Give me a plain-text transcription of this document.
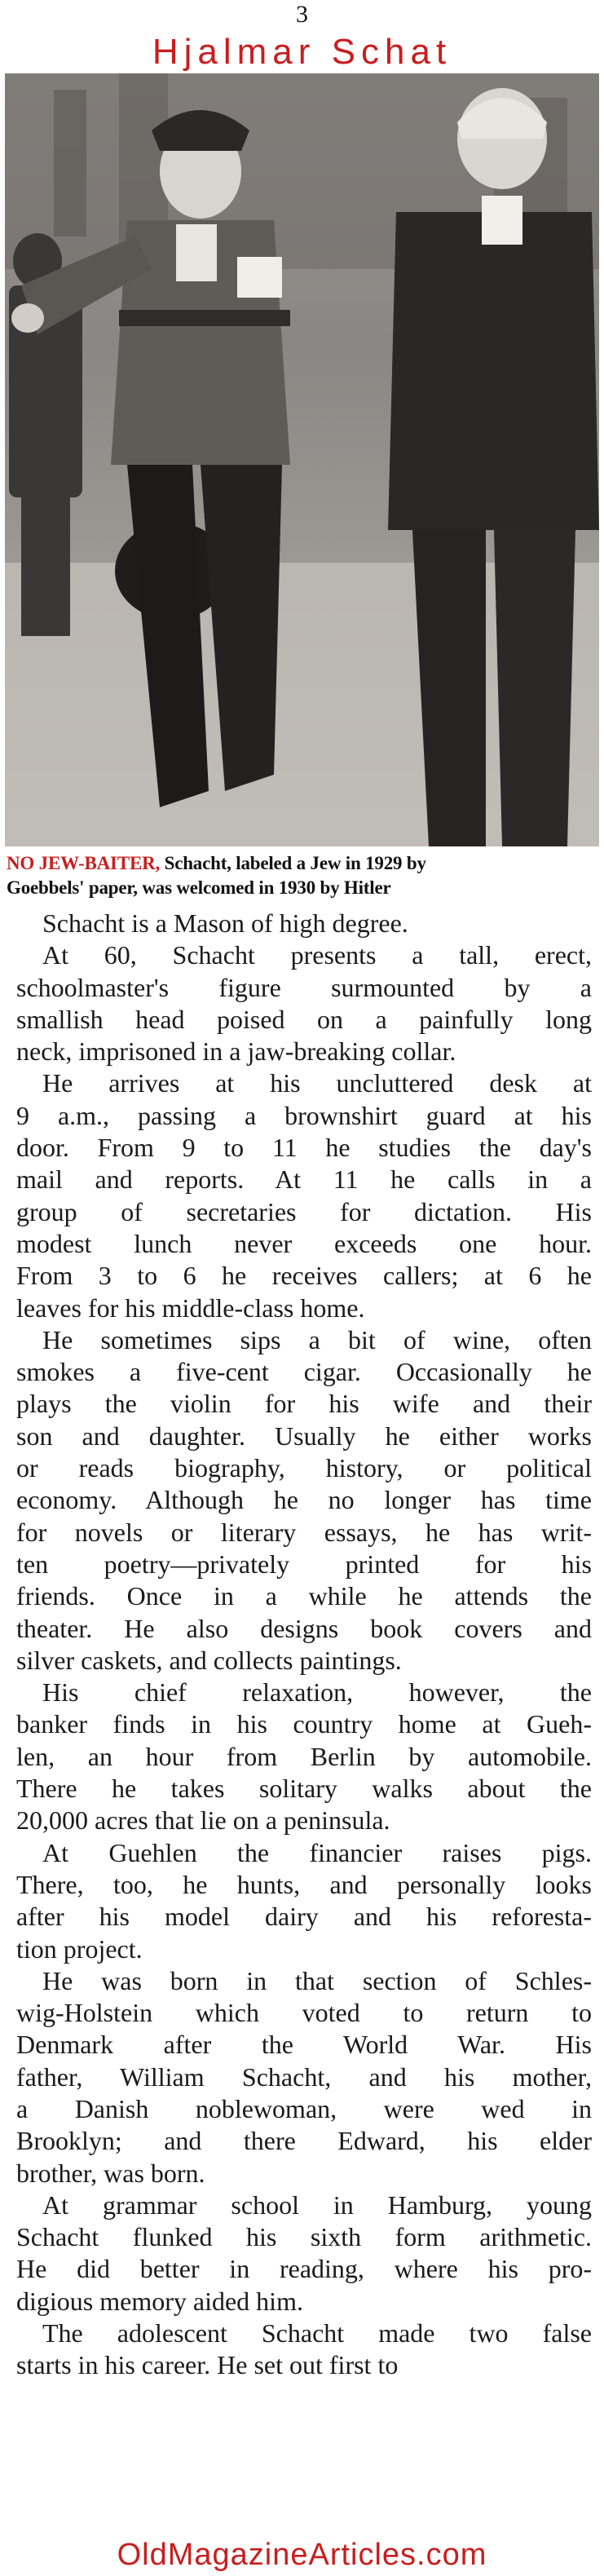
3
Hjalmar Schat
NO JEW-BAITER, Schacht, labeled a Jew in 1929 by
Goebbels' paper, was welcomed in 1930 by Hitler

Schacht is a Mason of high degree.

At 60, Schacht presents a tall, erect,
schoolmaster's figure surmounted by a
smallish head poised on a painfully long
neck, imprisoned in a jaw-breaking collar.

He arrives at his uncluttered desk at
9 a.m., passing a brownshirt guard at his
door. From 9 to 11 he studies the day's
mail and reports. At 11 he calls in a
group of secretaries for dictation. His
modest lunch never exceeds one hour.
From 3 to 6 he receives callers; at 6 he
leaves for his middle-class home.

He sometimes sips a bit of wine, often
smokes a five-cent cigar. Occasionally he
plays the violin for his wife and their
son and daughter. Usually he either works
or reads biography, history, or political
economy. Although he no longer has time
for novels or literary essays, he has writ-
ten poetry—privately printed for his
friends. Once in a while he attends the
theater. He also designs book covers and
silver caskets, and collects paintings.

His chief relaxation, however, the
banker finds in his country home at Gueh-
len, an hour from Berlin by automobile.
There he takes solitary walks about the
20,000 acres that lie on a peninsula.

At Guehlen the financier raises pigs.
There, too, he hunts, and personally looks
after his model dairy and his reforesta-
tion project.

He was born in that section of Schles-
wig-Holstein which voted to return to
Denmark after the World War. His
father, William Schacht, and his mother,
a Danish noblewoman, were wed in
Brooklyn; and there Edward, his elder
brother, was born.

At grammar school in Hamburg, young
Schacht flunked his sixth form arithmetic.
He did better in reading, where his pro-
digious memory aided him.

The adolescent Schacht made two false
starts in his career. He set out first to

OldMagazineArticles.com
